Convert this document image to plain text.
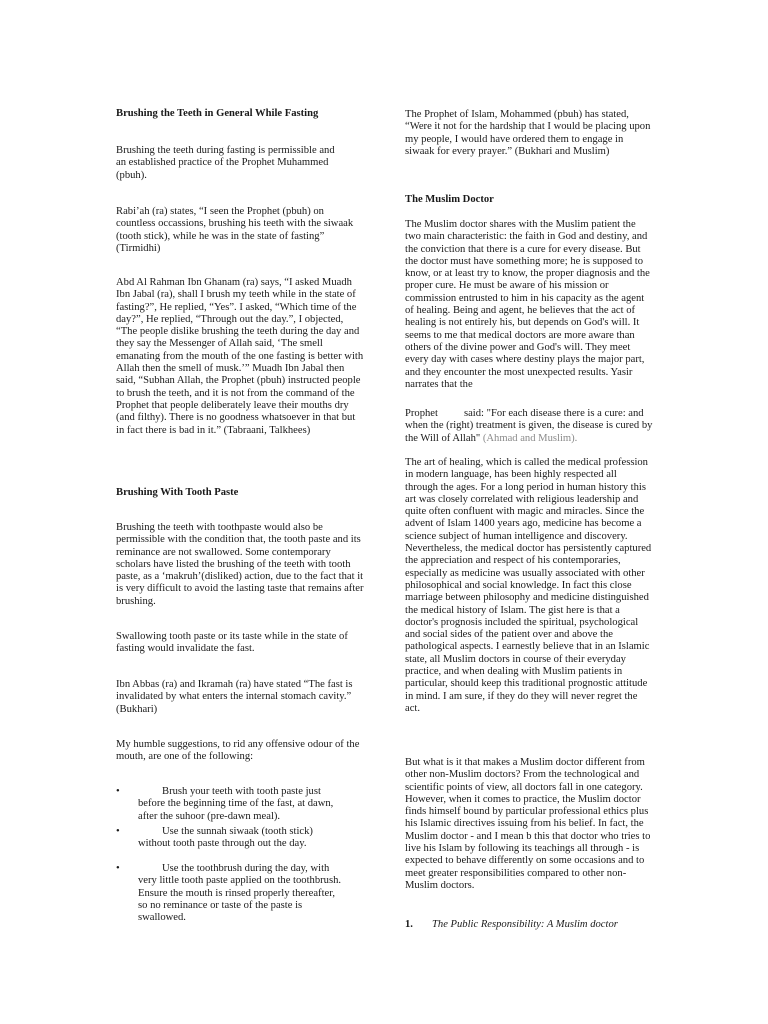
Brushing the Teeth in General While Fasting

Brushing the teeth during fasting is permissible and an established practice of the Prophet Muhammed (pbuh).

Rabi’ah (ra) states, “I seen the Prophet (pbuh) on countless occassions, brushing his teeth with the siwaak (tooth stick), while he was in the state of fasting” (Tirmidhi)

Abd Al Rahman Ibn Ghanam (ra) says, “I asked Muadh Ibn Jabal (ra), shall I brush my teeth while in the state of fasting?”, He replied, “Yes”. I asked, “Which time of the day?”, He replied, “Through out the day.”, I objected, “The people dislike brushing the teeth during the day and they say the Messenger of Allah said, ‘The smell emanating from the mouth of the one fasting is better with Allah then the smell of musk.’” Muadh Ibn Jabal then said, “Subhan Allah, the Prophet (pbuh) instructed people to brush the teeth, and it is not from the command of the Prophet that people deliberately leave their mouths dry (and filthy). There is no goodness whatsoever in that but in fact there is bad in it.” (Tabraani, Talkhees)

Brushing With Tooth Paste

Brushing the teeth with toothpaste would also be permissible with the condition that, the tooth paste and its reminance are not swallowed. Some contemporary scholars have listed the brushing of the teeth with tooth paste, as a ‘makruh’(disliked) action, due to the fact that it is very difficult to avoid the lasting taste that remains after brushing.

Swallowing tooth paste or its taste while in the state of fasting would invalidate the fast.

Ibn Abbas (ra) and Ikramah (ra) have stated “The fast is invalidated by what enters the internal stomach cavity.” (Bukhari)

My humble suggestions, to rid any offensive odour of the mouth, are one of the following:

•	Brush your teeth with tooth paste just before the beginning time of the fast, at dawn, after the suhoor (pre-dawn meal).
•	Use the sunnah siwaak (tooth stick) without tooth paste through out the day.
•	Use the toothbrush during the day, with very little tooth paste applied on the toothbrush. Ensure the mouth is rinsed properly thereafter, so no reminance or taste of the paste is swallowed.

The Prophet of Islam, Mohammed (pbuh) has stated, “Were it not for the hardship that I would be placing upon my people, I would have ordered them to engage in siwaak for every prayer.” (Bukhari and Muslim)

The Muslim Doctor

The Muslim doctor shares with the Muslim patient the two main characteristic: the faith in God and destiny, and the conviction that there is a cure for every disease. But the doctor must have something more; he is supposed to know, or at least try to know, the proper diagnosis and the proper cure. He must be aware of his mission or commission entrusted to him in his capacity as the agent of healing. Being and agent, he believes that the act of healing is not entirely his, but depends on God's will. It seems to me that medical doctors are more aware than others of the divine power and God's will. They meet every day with cases where destiny plays the major part, and they encounter the most unexpected results. Yasir narrates that the

Prophet said: "For each disease there is a cure: and when the (right) treatment is given, the disease is cured by the Will of Allah" (Ahmad and Muslim).

The art of healing, which is called the medical profession in modern language, has been highly respected all through the ages. For a long period in human history this art was closely correlated with religious leadership and quite often confluent with magic and miracles. Since the advent of Islam 1400 years ago, medicine has become a science subject of human intelligence and discovery. Nevertheless, the medical doctor has persistently captured the appreciation and respect of his contemporaries, especially as medicine was usually associated with other philosophical and social knowledge. In fact this close marriage between philosophy and medicine distinguished the medical history of Islam. The gist here is that a doctor's prognosis included the spiritual, psychological and social sides of the patient over and above the pathological aspects. I earnestly believe that in an Islamic state, all Muslim doctors in course of their everyday practice, and when dealing with Muslim patients in particular, should keep this traditional prognostic attitude in mind. I am sure, if they do they will never regret the act.

But what is it that makes a Muslim doctor different from other non-Muslim doctors? From the technological and scientific points of view, all doctors fall in one category. However, when it comes to practice, the Muslim doctor finds himself bound by particular professional ethics plus his Islamic directives issuing from his belief. In fact, the Muslim doctor - and I mean b this that doctor who tries to live his Islam by following its teachings all through - is expected to behave differently on some occasions and to meet greater responsibilities compared to other non-Muslim doctors.

1. The Public Responsibility: A Muslim doctor
